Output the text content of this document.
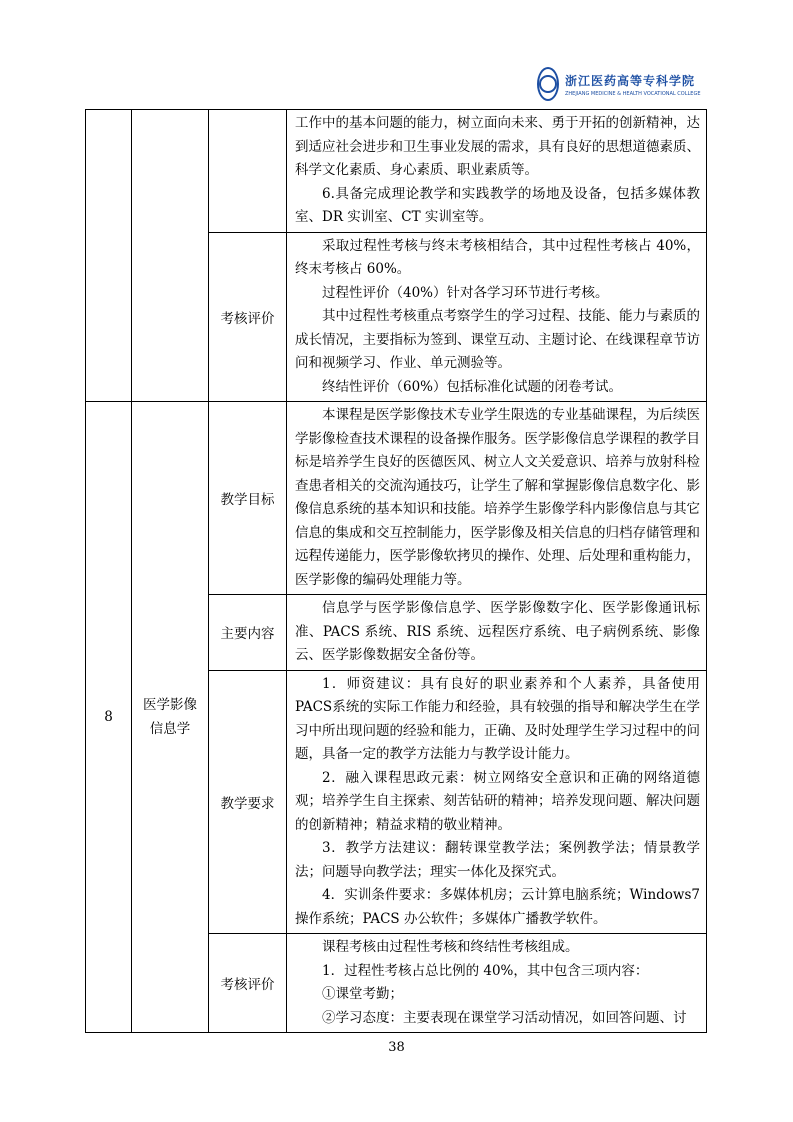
浙江医药高等专科学院
ZHEJIANG MEDICINE & HEALTH VOCATIONAL COLLEGE

			工作中的基本问题的能力，树立面向未来、勇于开拓的创新精神，达到适应社会进步和卫生事业发展的需求，具有良好的思想道德素质、科学文化素质、身心素质、职业素质等。

6.具备完成理论教学和实践教学的场地及设备，包括多媒体教室、DR 实训室、CT 实训室等。

		考核评价	采取过程性考核与终末考核相结合，其中过程性考核占 40%，终末考核占 60%。

过程性评价（40%）针对各学习环节进行考核。

其中过程性考核重点考察学生的学习过程、技能、能力与素质的成长情况，主要指标为签到、课堂互动、主题讨论、在线课程章节访问和视频学习、作业、单元测验等。

终结性评价（60%）包括标准化试题的闭卷考试。

8	医学影像信息学	教学目标	本课程是医学影像技术专业学生限选的专业基础课程，为后续医学影像检查技术课程的设备操作服务。医学影像信息学课程的教学目标是培养学生良好的医德医风、树立人文关爱意识、培养与放射科检查患者相关的交流沟通技巧，让学生了解和掌握影像信息数字化、影像信息系统的基本知识和技能。培养学生影像学科内影像信息与其它信息的集成和交互控制能力，医学影像及相关信息的归档存储管理和远程传递能力，医学影像软拷贝的操作、处理、后处理和重构能力，医学影像的编码处理能力等。

		主要内容	信息学与医学影像信息学、医学影像数字化、医学影像通讯标准、PACS 系统、RIS 系统、远程医疗系统、电子病例系统、影像云、医学影像数据安全备份等。

		教学要求	1．师资建议：具有良好的职业素养和个人素养，具备使用PACS系统的实际工作能力和经验，具有较强的指导和解决学生在学习中所出现问题的经验和能力，正确、及时处理学生学习过程中的问题，具备一定的教学方法能力与教学设计能力。

2．融入课程思政元素：树立网络安全意识和正确的网络道德观；培养学生自主探索、刻苦钻研的精神；培养发现问题、解决问题的创新精神；精益求精的敬业精神。

3．教学方法建议：翻转课堂教学法；案例教学法；情景教学法；问题导向教学法；理实一体化及探究式。

4．实训条件要求：多媒体机房；云计算电脑系统；Windows7 操作系统；PACS 办公软件；多媒体广播教学软件。

		考核评价	课程考核由过程性考核和终结性考核组成。

1．过程性考核占总比例的 40%，其中包含三项内容：

①课堂考勤；

②学习态度：主要表现在课堂学习活动情况，如回答问题、讨

38
